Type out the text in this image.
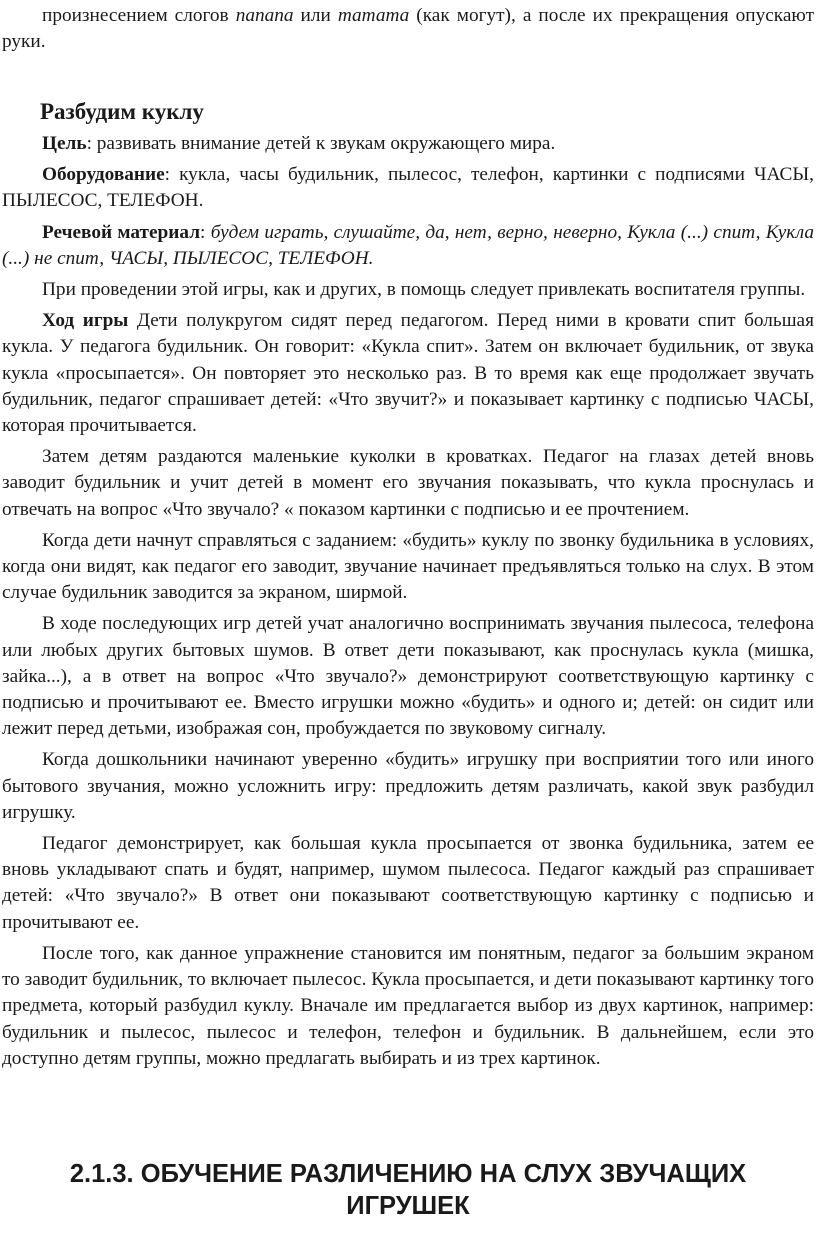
произнесением слогов папапа или татата (как могут), а после их прекращения опускают руки.

Разбудим куклу

Цель: развивать внимание детей к звукам окружающего мира.

Оборудование: кукла, часы будильник, пылесос, телефон, картинки с подписями ЧАСЫ, ПЫЛЕСОС, ТЕЛЕФОН.

Речевой материал: будем играть, слушайте, да, нет, верно, неверно, Кукла (...) спит, Кукла (...) не спит, ЧАСЫ, ПЫЛЕСОС, ТЕЛЕФОН.

При проведении этой игры, как и других, в помощь следует привлекать воспитателя группы.

Ход игры Дети полукругом сидят перед педагогом. Перед ними в кровати спит большая кукла. У педагога будильник. Он говорит: «Кукла спит». Затем он включает будильник, от звука кукла «просыпается». Он повторяет это несколько раз. В то время как еще продолжает звучать будильник, педагог спрашивает детей: «Что звучит?» и показывает картинку с подписью ЧАСЫ, которая прочитывается.

Затем детям раздаются маленькие куколки в кроватках. Педагог на глазах детей вновь заводит будильник и учит детей в момент его звучания показывать, что кукла проснулась и отвечать на вопрос «Что звучало? « показом картинки с подписью и ее прочтением.

Когда дети начнут справляться с заданием: «будить» куклу по звонку будильника в условиях, когда они видят, как педагог его заводит, звучание начинает предъявляться только на слух. В этом случае будильник заводится за экраном, ширмой.

В ходе последующих игр детей учат аналогично воспринимать звучания пылесоса, телефона или любых других бытовых шумов. В ответ дети показывают, как проснулась кукла (мишка, зайка...), а в ответ на вопрос «Что звучало?» демонстрируют соответствующую картинку с подписью и прочитывают ее. Вместо игрушки можно «будить» и одного и; детей: он сидит или лежит перед детьми, изображая сон, пробуждается по звуковому сигналу.

Когда дошкольники начинают уверенно «будить» игрушку при восприятии того или иного бытового звучания, можно усложнить игру: предложить детям различать, какой звук разбудил игрушку.

Педагог демонстрирует, как большая кукла просыпается от звонка будильника, затем ее вновь укладывают спать и будят, например, шумом пылесоса. Педагог каждый раз спрашивает детей: «Что звучало?» В ответ они показывают соответствующую картинку с подписью и прочитывают ее.

После того, как данное упражнение становится им понятным, педагог за большим экраном то заводит будильник, то включает пылесос. Кукла просыпается, и дети показывают картинку того предмета, который разбудил куклу. Вначале им предлагается выбор из двух картинок, например: будильник и пылесос, пылесос и телефон, телефон и будильник. В дальнейшем, если это доступно детям группы, можно предлагать выбирать и из трех картинок.

2.1.3. ОБУЧЕНИЕ РАЗЛИЧЕНИЮ НА СЛУХ ЗВУЧАЩИХ
ИГРУШЕК
